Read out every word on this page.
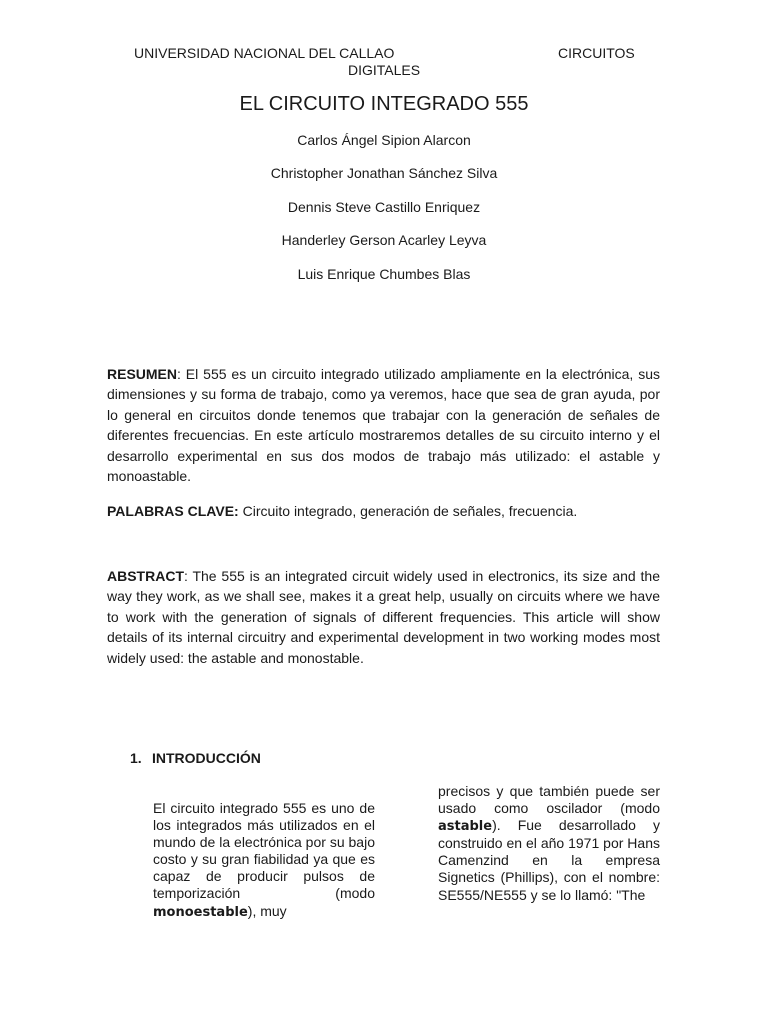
UNIVERSIDAD NACIONAL DEL CALLAO	CIRCUITOS
DIGITALES
EL CIRCUITO INTEGRADO 555
Carlos Ángel Sipion Alarcon
Christopher Jonathan Sánchez Silva
Dennis Steve Castillo Enriquez
Handerley Gerson Acarley Leyva
Luis Enrique Chumbes Blas
RESUMEN: El 555 es un circuito integrado utilizado ampliamente en la electrónica, sus dimensiones y su forma de trabajo, como ya veremos, hace que sea de gran ayuda, por lo general en circuitos donde tenemos que trabajar con la generación de señales de diferentes frecuencias. En este artículo mostraremos detalles de su circuito interno y el desarrollo experimental en sus dos modos de trabajo más utilizado: el astable y monoastable.
PALABRAS CLAVE: Circuito integrado, generación de señales, frecuencia.
ABSTRACT: The 555 is an integrated circuit widely used in electronics, its size and the way they work, as we shall see, makes it a great help, usually on circuits where we have to work with the generation of signals of different frequencies. This article will show details of its internal circuitry and experimental development in two working modes most widely used: the astable and monostable.
1. INTRODUCCIÓN
El circuito integrado 555 es uno de los integrados más utilizados en el mundo de la electrónica por su bajo costo y su gran fiabilidad ya que es capaz de producir pulsos de temporización (modo monoestable), muy
precisos y que también puede ser usado como oscilador (modo astable). Fue desarrollado y construido en el año 1971 por Hans Camenzind en la empresa Signetics (Phillips), con el nombre: SE555/NE555 y se lo llamó: "The
